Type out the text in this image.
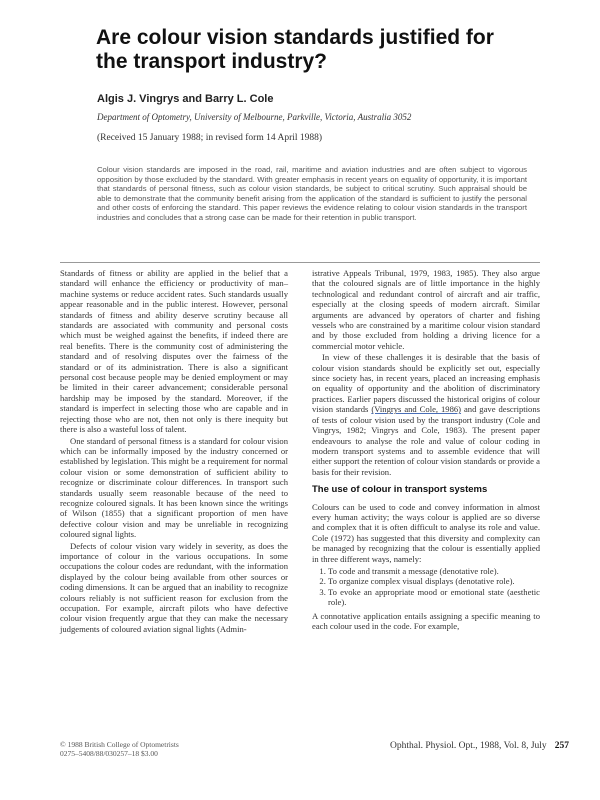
Are colour vision standards justified for the transport industry?
Algis J. Vingrys and Barry L. Cole
Department of Optometry, University of Melbourne, Parkville, Victoria, Australia 3052
(Received 15 January 1988; in revised form 14 April 1988)

Colour vision standards are imposed in the road, rail, maritime and aviation industries and are often subject to vigorous opposition by those excluded by the standard. With greater emphasis in recent years on equality of opportunity, it is important that standards of personal fitness, such as colour vision standards, be subject to critical scrutiny. Such appraisal should be able to demonstrate that the community benefit arising from the application of the standard is sufficient to justify the personal and other costs of enforcing the standard. This paper reviews the evidence relating to colour vision standards in the transport industries and concludes that a strong case can be made for their retention in public transport.

Standards of fitness or ability are applied in the belief that a standard will enhance the efficiency or productivity of man–machine systems or reduce accident rates. Such standards usually appear reasonable and in the public interest. However, personal standards of fitness and ability deserve scrutiny because all standards are associated with community and personal costs which must be weighed against the benefits, if indeed there are real benefits. There is the community cost of administering the standard and of resolving disputes over the fairness of the standard or of its administration. There is also a significant personal cost because people may be denied employment or may be limited in their career advancement; considerable personal hardship may be imposed by the standard. Moreover, if the standard is imperfect in selecting those who are capable and in rejecting those who are not, then not only is there inequity but there is also a wasteful loss of talent.

One standard of personal fitness is a standard for colour vision which can be informally imposed by the industry concerned or established by legislation. This might be a requirement for normal colour vision or some demonstration of sufficient ability to recognize or discriminate colour differences. In transport such standards usually seem reasonable because of the need to recognize coloured signals. It has been known since the writings of Wilson (1855) that a significant proportion of men have defective colour vision and may be unreliable in recognizing coloured signal lights.

Defects of colour vision vary widely in severity, as does the importance of colour in the various occupations. In some occupations the colour codes are redundant, with the information displayed by the colour being available from other sources or coding dimensions. It can be argued that an inability to recognize colours reliably is not sufficient reason for exclusion from the occupation. For example, aircraft pilots who have defective colour vision frequently argue that they can make the necessary judgements of coloured aviation signal lights (Admin-

istrative Appeals Tribunal, 1979, 1983, 1985). They also argue that the coloured signals are of little importance in the highly technological and redundant control of aircraft and air traffic, especially at the closing speeds of modern aircraft. Similar arguments are advanced by operators of charter and fishing vessels who are constrained by a maritime colour vision standard and by those excluded from holding a driving licence for a commercial motor vehicle.

In view of these challenges it is desirable that the basis of colour vision standards should be explicitly set out, especially since society has, in recent years, placed an increasing emphasis on equality of opportunity and the abolition of discriminatory practices. Earlier papers discussed the historical origins of colour vision standards (Vingrys and Cole, 1986) and gave descriptions of tests of colour vision used by the transport industry (Cole and Vingrys, 1982; Vingrys and Cole, 1983). The present paper endeavours to analyse the role and value of colour coding in modern transport systems and to assemble evidence that will either support the retention of colour vision standards or provide a basis for their revision.

The use of colour in transport systems

Colours can be used to code and convey information in almost every human activity; the ways colour is applied are so diverse and complex that it is often difficult to analyse its role and value. Cole (1972) has suggested that this diversity and complexity can be managed by recognizing that the colour is essentially applied in three different ways, namely:

1. To code and transmit a message (denotative role).
2. To organize complex visual displays (denotative role).
3. To evoke an appropriate mood or emotional state (aesthetic role).

A connotative application entails assigning a specific meaning to each colour used in the code. For example,

© 1988 British College of Optometrists
0275–5408/88/030257–18 $3.00
Ophthal. Physiol. Opt., 1988, Vol. 8, July 257
